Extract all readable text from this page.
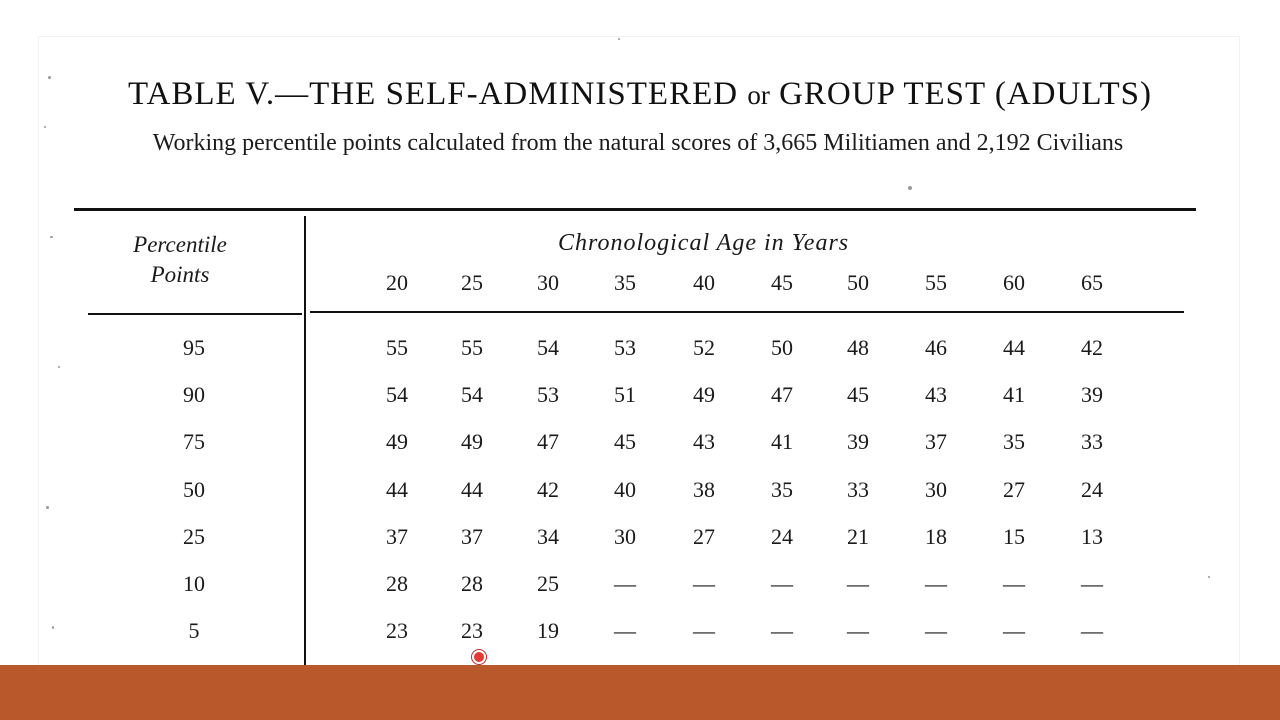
TABLE V.—THE SELF-ADMINISTERED or GROUP TEST (ADULTS)
Working percentile points calculated from the natural scores of 3,665 Militiamen and 2,192 Civilians
Percentile
Points
Chronological Age in Years
20	25	30	35	40	45	50	55	60	65
95	55	55	54	53	52	50	48	46	44	42
90	54	54	53	51	49	47	45	43	41	39
75	49	49	47	45	43	41	39	37	35	33
50	44	44	42	40	38	35	33	30	27	24
25	37	37	34	30	27	24	21	18	15	13
10	28	28	25	—	—	—	—	—	—	—
5	23	23	19	—	—	—	—	—	—	—
